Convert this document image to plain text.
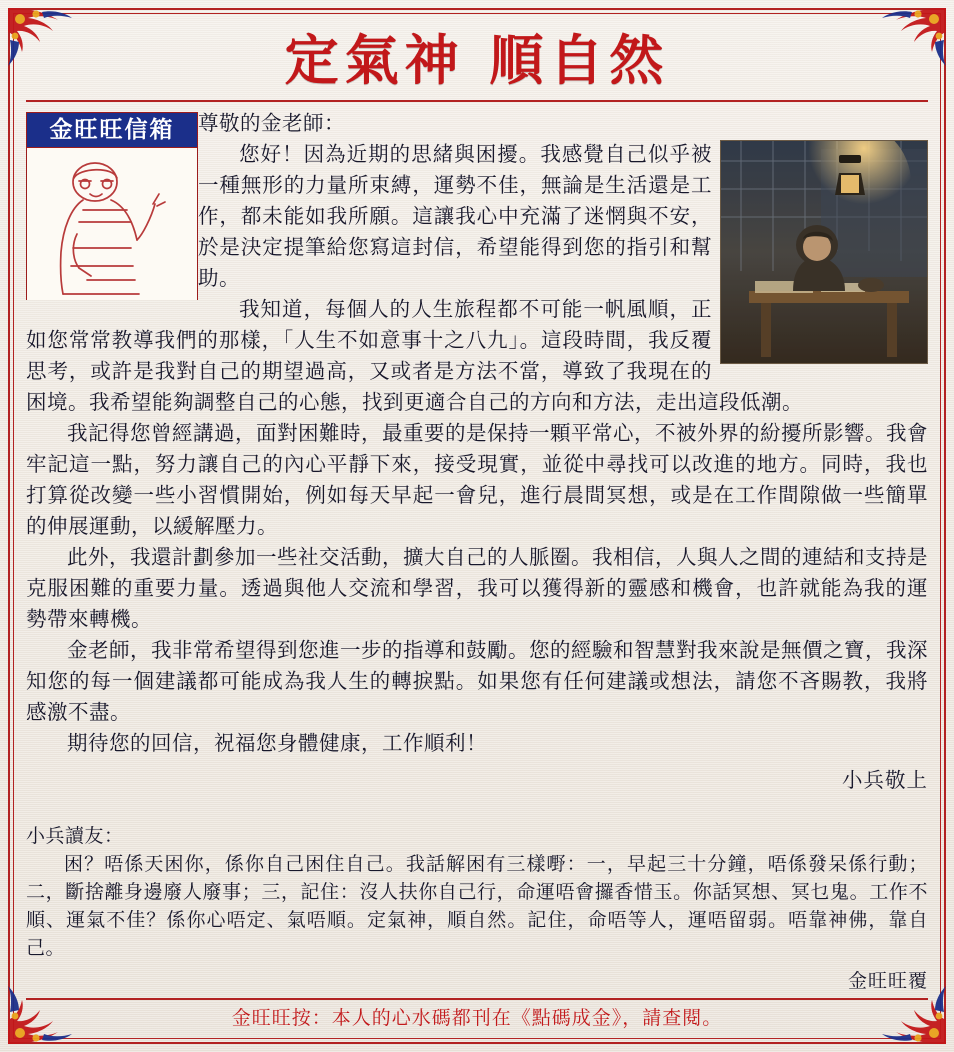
定氣神 順自然
金旺旺信箱	尊敬的金老師：

您好！因為近期的思緒與困擾。我感覺自己似乎被一種無形的力量所束縛，運勢不佳，無論是生活還是工作，都未能如我所願。這讓我心中充滿了迷惘與不安，於是決定提筆給您寫這封信，希望能得到您的指引和幫助。

我知道，每個人的人生旅程都不可能一帆風順，正如您常常教導我們的那樣，「人生不如意事十之八九」。這段時間，我反覆思考，或許是我對自己的期望過高，又或者是方法不當，導致了我現在的困境。我希望能夠調整自己的心態，找到更適合自己的方向和方法，走出這段低潮。

我記得您曾經講過，面對困難時，最重要的是保持一顆平常心，不被外界的紛擾所影響。我會牢記這一點，努力讓自己的內心平靜下來，接受現實，並從中尋找可以改進的地方。同時，我也打算從改變一些小習慣開始，例如每天早起一會兒，進行晨間冥想，或是在工作間隙做一些簡單的伸展運動，以緩解壓力。

此外，我還計劃參加一些社交活動，擴大自己的人脈圈。我相信，人與人之間的連結和支持是克服困難的重要力量。透過與他人交流和學習，我可以獲得新的靈感和機會，也許就能為我的運勢帶來轉機。

金老師，我非常希望得到您進一步的指導和鼓勵。您的經驗和智慧對我來說是無價之寶，我深知您的每一個建議都可能成為我人生的轉捩點。如果您有任何建議或想法，請您不吝賜教，我將感激不盡。

期待您的回信，祝福您身體健康，工作順利！

小兵敬上

小兵讀友：

困？唔係天困你，係你自己困住自己。我話解困有三樣嘢：一，早起三十分鐘，唔係發呆係行動；二，斷捨離身邊廢人廢事；三，記住：沒人扶你自己行，命運唔會攞香惜玉。你話冥想、冥乜鬼。工作不順、運氣不佳？係你心唔定、氣唔順。定氣神，順自然。記住，命唔等人，運唔留弱。唔靠神佛，靠自己。

金旺旺覆
金旺旺按：本人的心水碼都刊在《點碼成金》，請查閱。
